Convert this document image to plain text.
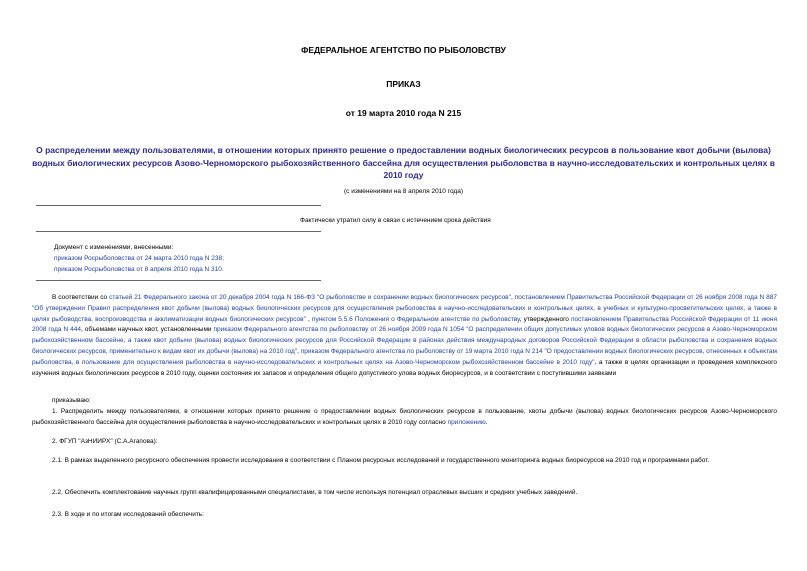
ФЕДЕРАЛЬНОЕ АГЕНТСТВО ПО РЫБОЛОВСТВУ
ПРИКАЗ
от 19 марта 2010 года N 215
О распределении между пользователями, в отношении которых принято решение о предоставлении водных биологических ресурсов в пользование квот добычи (вылова) водных биологических ресурсов Азово-Черноморского рыбохозяйственного бассейна для осуществления рыболовства в научно-исследовательских и контрольных целях в 2010 году
(с изменениями на 8 апреля 2010 года)
Фактически утратил силу в связи с истечением срока действия
Документ с изменениями, внесенными:
приказом Росрыболовства от 24 марта 2010 года N 238;
приказом Росрыболовства от 8 апреля 2010 года N 310.
В соответствии со статьей 21 Федерального закона от 20 декабря 2004 года N 166-ФЗ "О рыболовстве и сохранении водных биологических ресурсов", постановлением Правительства Российской Федерации от 26 ноября 2008 года N 887 "Об утверждении Правил распределения квот добычи (вылова) водных биологических ресурсов для осуществления рыболовства в научно-исследовательских и контрольных целях, в учебных и культурно-просветительских целях, а также в целях рыбоводства, воспроизводства и акклиматизации водных биологических ресурсов" , пунктом 5.5.6 Положения о Федеральном агентстве по рыболовству, утвержденного постановлением Правительства Российской Федерации от 11 июня 2008 года N 444, объемами научных квот, установленными приказом Федерального агентства по рыболовству от 26 ноября 2009 года N 1054 "О распределении общих допустимых уловов водных биологических ресурсов в Азово-Черноморском рыбохозяйственном бассейне, а также квот добычи (вылова) водных биологических ресурсов для Российской Федерации в районах действия международных договоров Российской Федерации в области рыболовства и сохранения водных биологических ресурсов, применительно к видам квот их добычи (вылова) на 2010 год", приказом Федерального агентства по рыболовству от 19 марта 2010 года N 214 "О предоставлении водных биологических ресурсов, отнесенных к объектам рыболовства, в пользование для осуществления рыболовства в научно-исследовательских и контрольных целях на Азово-Черноморском рыбохозяйственном бассейне в 2010 году", а также в целях организации и проведения комплексного изучения водных биологических ресурсов в 2010 году, оценки состояния их запасов и определения общего допустимого улова водных биоресурсов, и в соответствии с поступившими заявками
приказываю:
1. Распределить между пользователями, в отношении которых принято решение о предоставлении водных биологических ресурсов в пользование, квоты добычи (вылова) водных биологических ресурсов Азово-Черноморского рыбохозяйственного бассейна для осуществления рыболовства в научно-исследовательских и контрольных целях в 2010 году согласно приложению.
2. ФГУП "АзНИИРХ" (С.А.Агапова):
2.1. В рамках выделенного ресурсного обеспечения провести исследования в соответствии с Планом ресурсных исследований и государственного мониторинга водных биоресурсов на 2010 год и программами работ.
2.2. Обеспечить комплектование научных групп квалифицированными специалистами, в том числе используя потенциал отраслевых высших и средних учебных заведений.
2.3. В ходе и по итогам исследований обеспечить:
